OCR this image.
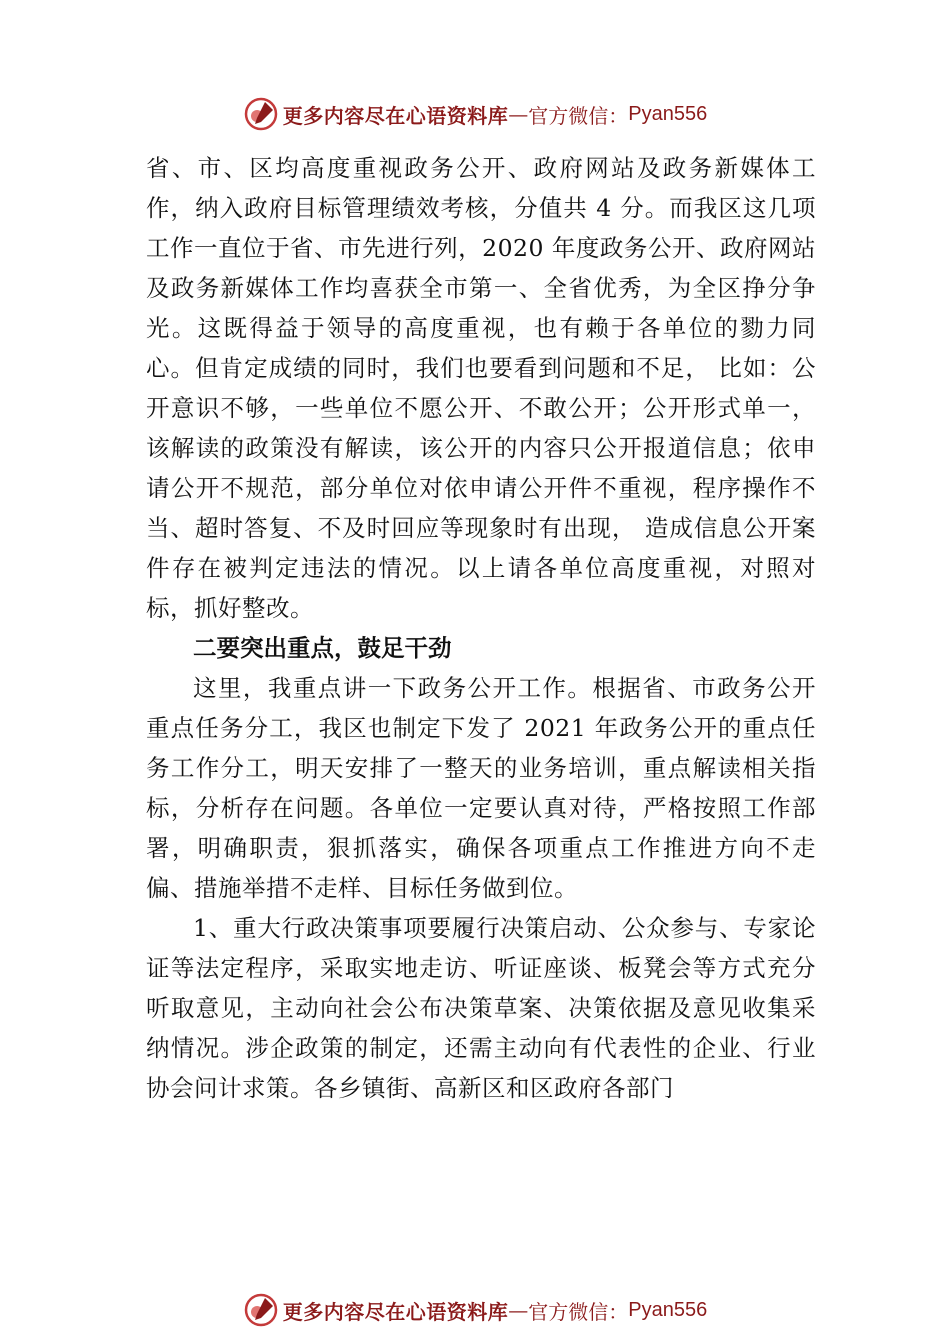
更多内容尽在心语资料库 — 官方微信： Pyan556

省、市、区均高度重视政务公开、政府网站及政务新媒体工作，纳入政府目标管理绩效考核，分值共 4 分。而我区这几项工作一直位于省、市先进行列，2020 年度政务公开、政府网站及政务新媒体工作均喜获全市第一、全省优秀，为全区挣分争光。这既得益于领导的高度重视，也有赖于各单位的勠力同心。但肯定成绩的同时，我们也要看到问题和不足， 比如：公开意识不够，一些单位不愿公开、不敢公开；公开形式单一，该解读的政策没有解读，该公开的内容只公开报道信息；依申请公开不规范，部分单位对依申请公开件不重视，程序操作不当、超时答复、不及时回应等现象时有出现， 造成信息公开案件存在被判定违法的情况。以上请各单位高度重视，对照对标，抓好整改。

二要突出重点，鼓足干劲

这里，我重点讲一下政务公开工作。根据省、市政务公开重点任务分工，我区也制定下发了 2021 年政务公开的重点任务工作分工，明天安排了一整天的业务培训，重点解读相关指标，分析存在问题。各单位一定要认真对待，严格按照工作部署，明确职责，狠抓落实，确保各项重点工作推进方向不走偏、措施举措不走样、目标任务做到位。

1、重大行政决策事项要履行决策启动、公众参与、专家论证等法定程序，采取实地走访、听证座谈、板凳会等方式充分听取意见，主动向社会公布决策草案、决策依据及意见收集采纳情况。涉企政策的制定，还需主动向有代表性的企业、行业协会问计求策。各乡镇街、高新区和区政府各部门

更多内容尽在心语资料库 — 官方微信： Pyan556
